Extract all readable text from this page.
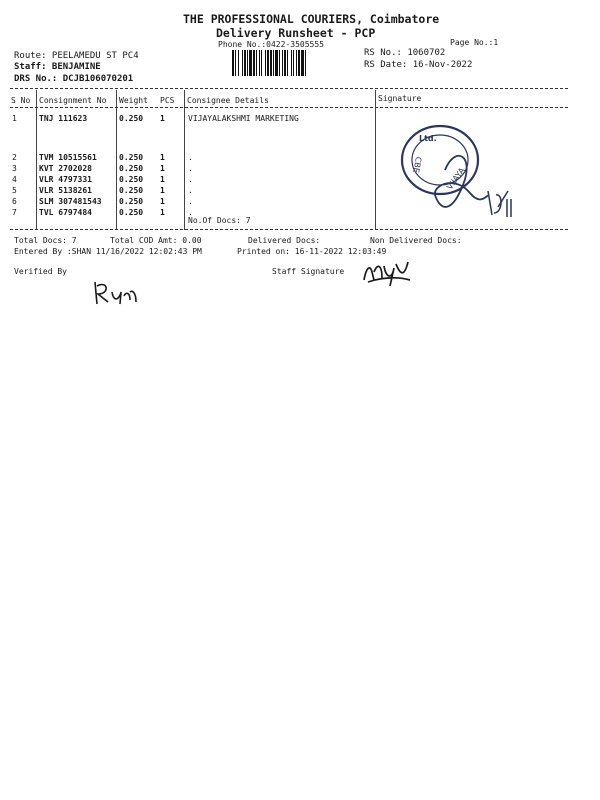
THE PROFESSIONAL COURIERS, Coimbatore
Delivery Runsheet - PCP
Phone No.:0422-3505555	Page No.:1
Route: PEELAMEDU ST PC4
Staff: BENJAMINE
DRS No.: DCJB106070201
RS No.: 1060702
RS Date: 16-Nov-2022
S No Consignment No Weight PCS Consignee Details	Signature
1	TNJ 111623	0.250 1	VIJAYALAKSHMI MARKETING
2	TVM 10515561	0.250 1	.
3	KVT 2702028	0.250 1	.
4	VLR 4797331	0.250 1	.
5	VLR 5138261	0.250 1	.
6	SLM 307481543 0.250 1	.
7	TVL 6797484	0.250 1	.
No.Of Docs: 7
Ltd.
CBE
VIJAYA
Total Docs: 7	Total COD Amt: 0.00	Delivered Docs:	Non Delivered Docs:
Entered By :SHAN 11/16/2022 12:02:43 PM	Printed on: 16-11-2022 12:03:49
Verified By	Staff Signature
